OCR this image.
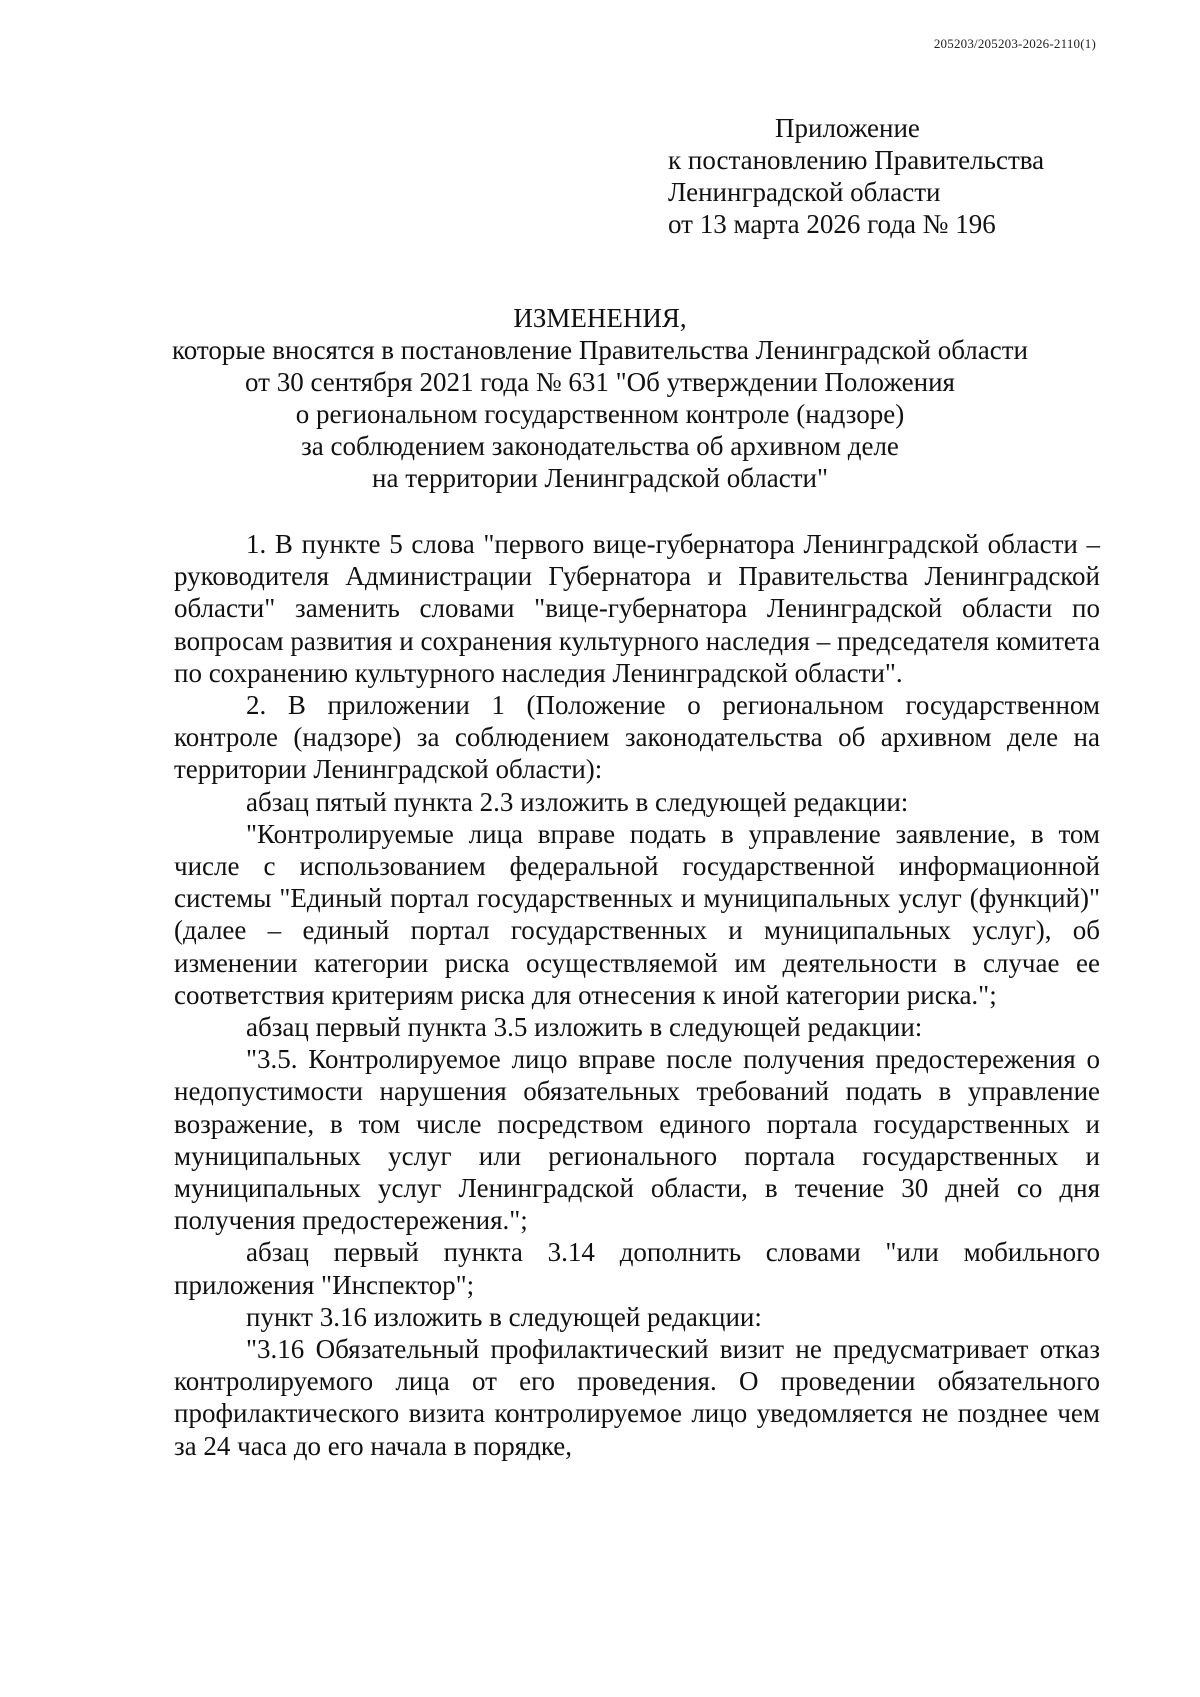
205203/205203-2026-2110(1)
Приложение
к постановлению Правительства
Ленинградской области
от 13 марта 2026 года № 196
ИЗМЕНЕНИЯ,
которые вносятся в постановление Правительства Ленинградской области
от 30 сентября 2021 года № 631 "Об утверждении Положения
о региональном государственном контроле (надзоре)
за соблюдением законодательства об архивном деле
на территории Ленинградской области"

1. В пункте 5 слова "первого вице-губернатора Ленинградской области – руководителя Администрации Губернатора и Правительства Ленинградской области" заменить словами "вице-губернатора Ленинградской области по вопросам развития и сохранения культурного наследия – председателя комитета по сохранению культурного наследия Ленинградской области".

2. В приложении 1 (Положение о региональном государственном контроле (надзоре) за соблюдением законодательства об архивном деле на территории Ленинградской области):

абзац пятый пункта 2.3 изложить в следующей редакции:

"Контролируемые лица вправе подать в управление заявление, в том числе с использованием федеральной государственной информационной системы "Единый портал государственных и муниципальных услуг (функций)" (далее – единый портал государственных и муниципальных услуг), об изменении категории риска осуществляемой им деятельности в случае ее соответствия критериям риска для отнесения к иной категории риска.";

абзац первый пункта 3.5 изложить в следующей редакции:

"3.5. Контролируемое лицо вправе после получения предостережения о недопустимости нарушения обязательных требований подать в управление возражение, в том числе посредством единого портала государственных и муниципальных услуг или регионального портала государственных и муниципальных услуг Ленинградской области, в течение 30 дней со дня получения предостережения.";

абзац первый пункта 3.14 дополнить словами "или мобильного приложения "Инспектор";

пункт 3.16 изложить в следующей редакции:

"3.16 Обязательный профилактический визит не предусматривает отказ контролируемого лица от его проведения. О проведении обязательного профилактического визита контролируемое лицо уведомляется не позднее чем за 24 часа до его начала в порядке,
